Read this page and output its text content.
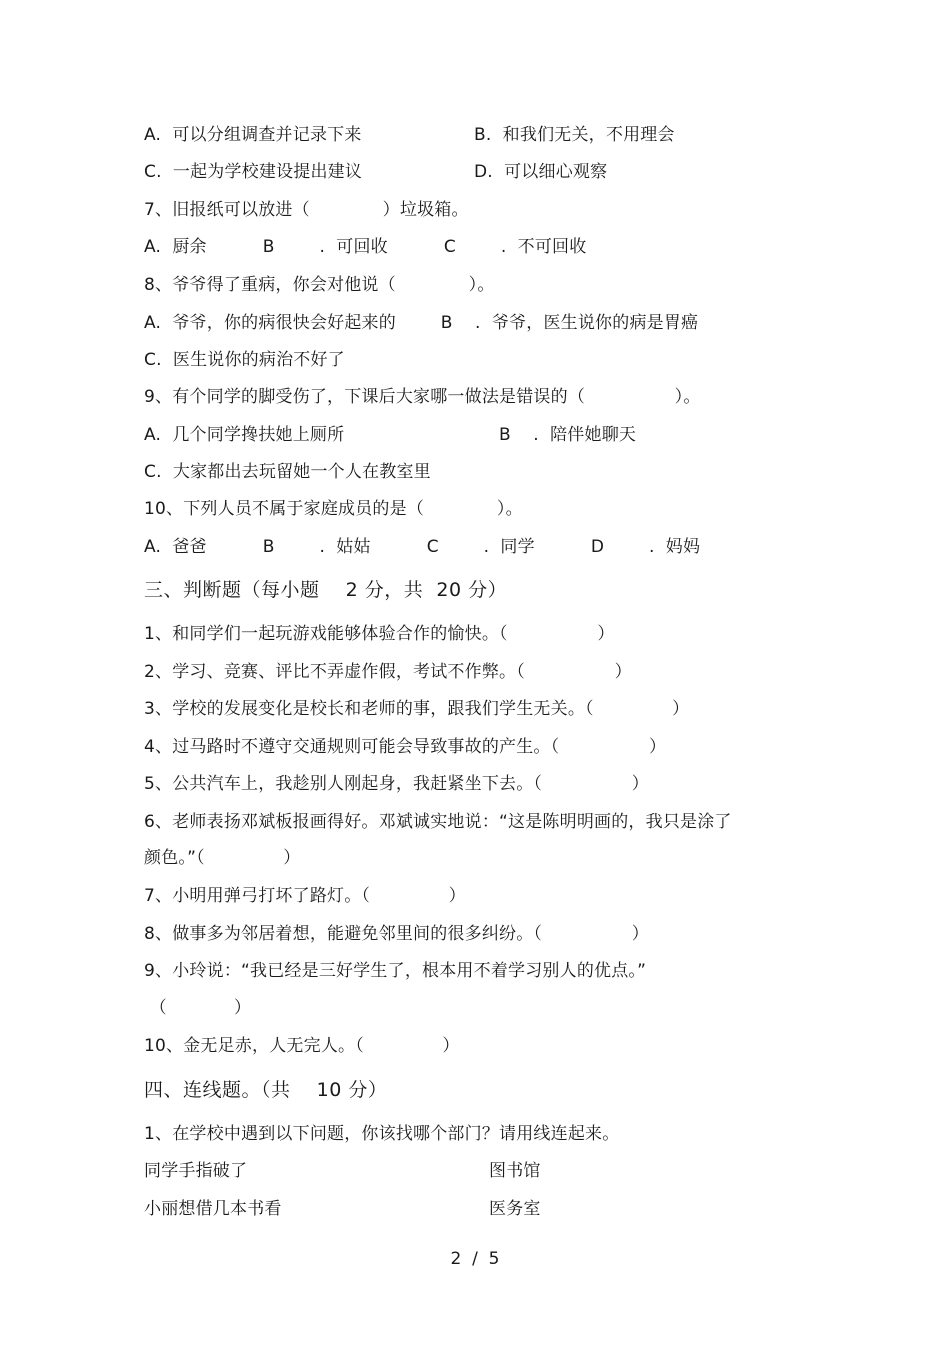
A.  可以分组调查并记录下来	B.  和我们无关，不用理会
C.  一起为学校建设提出建议	D.  可以细心观察
7、旧报纸可以放进（             ）垃圾箱。
A.  厨余          B        .  可回收          C        .  不可回收
8、爷爷得了重病，你会对他说（             ）。
A.  爷爷，你的病很快会好起来的        B    .  爷爷，医生说你的病是胃癌
C.  医生说你的病治不好了
9、有个同学的脚受伤了，下课后大家哪一做法是错误的（                ）。
A.  几个同学搀扶她上厕所	B    .  陪伴她聊天
C.  大家都出去玩留她一个人在教室里
10、下列人员不属于家庭成员的是（             ）。
A.  爸爸          B        .  姑姑          C        .  同学          D        .  妈妈
三、判断题（每小题    2 分，共  20 分）
1、和同学们一起玩游戏能够体验合作的愉快。（                ）
2、学习、竞赛、评比不弄虚作假，考试不作弊。（                ）
3、学校的发展变化是校长和老师的事，跟我们学生无关。（              ）
4、过马路时不遵守交通规则可能会导致事故的产生。（                ）
5、公共汽车上，我趁别人刚起身，我赶紧坐下去。（                ）
6、老师表扬邓斌板报画得好。邓斌诚实地说：“这是陈明明画的，我只是涂了
颜色。”（              ）
7、小明用弹弓打坏了路灯。（              ）
8、做事多为邻居着想，能避免邻里间的很多纠纷。（                ）
9、小玲说：“我已经是三好学生了，根本用不着学习别人的优点。”
（            ）
10、金无足赤，人无完人。（              ）
四、连线题。（共    10 分）
1、在学校中遇到以下问题，你该找哪个部门？请用线连起来。
同学手指破了	图书馆
小丽想借几本书看	医务室
2  /  5
